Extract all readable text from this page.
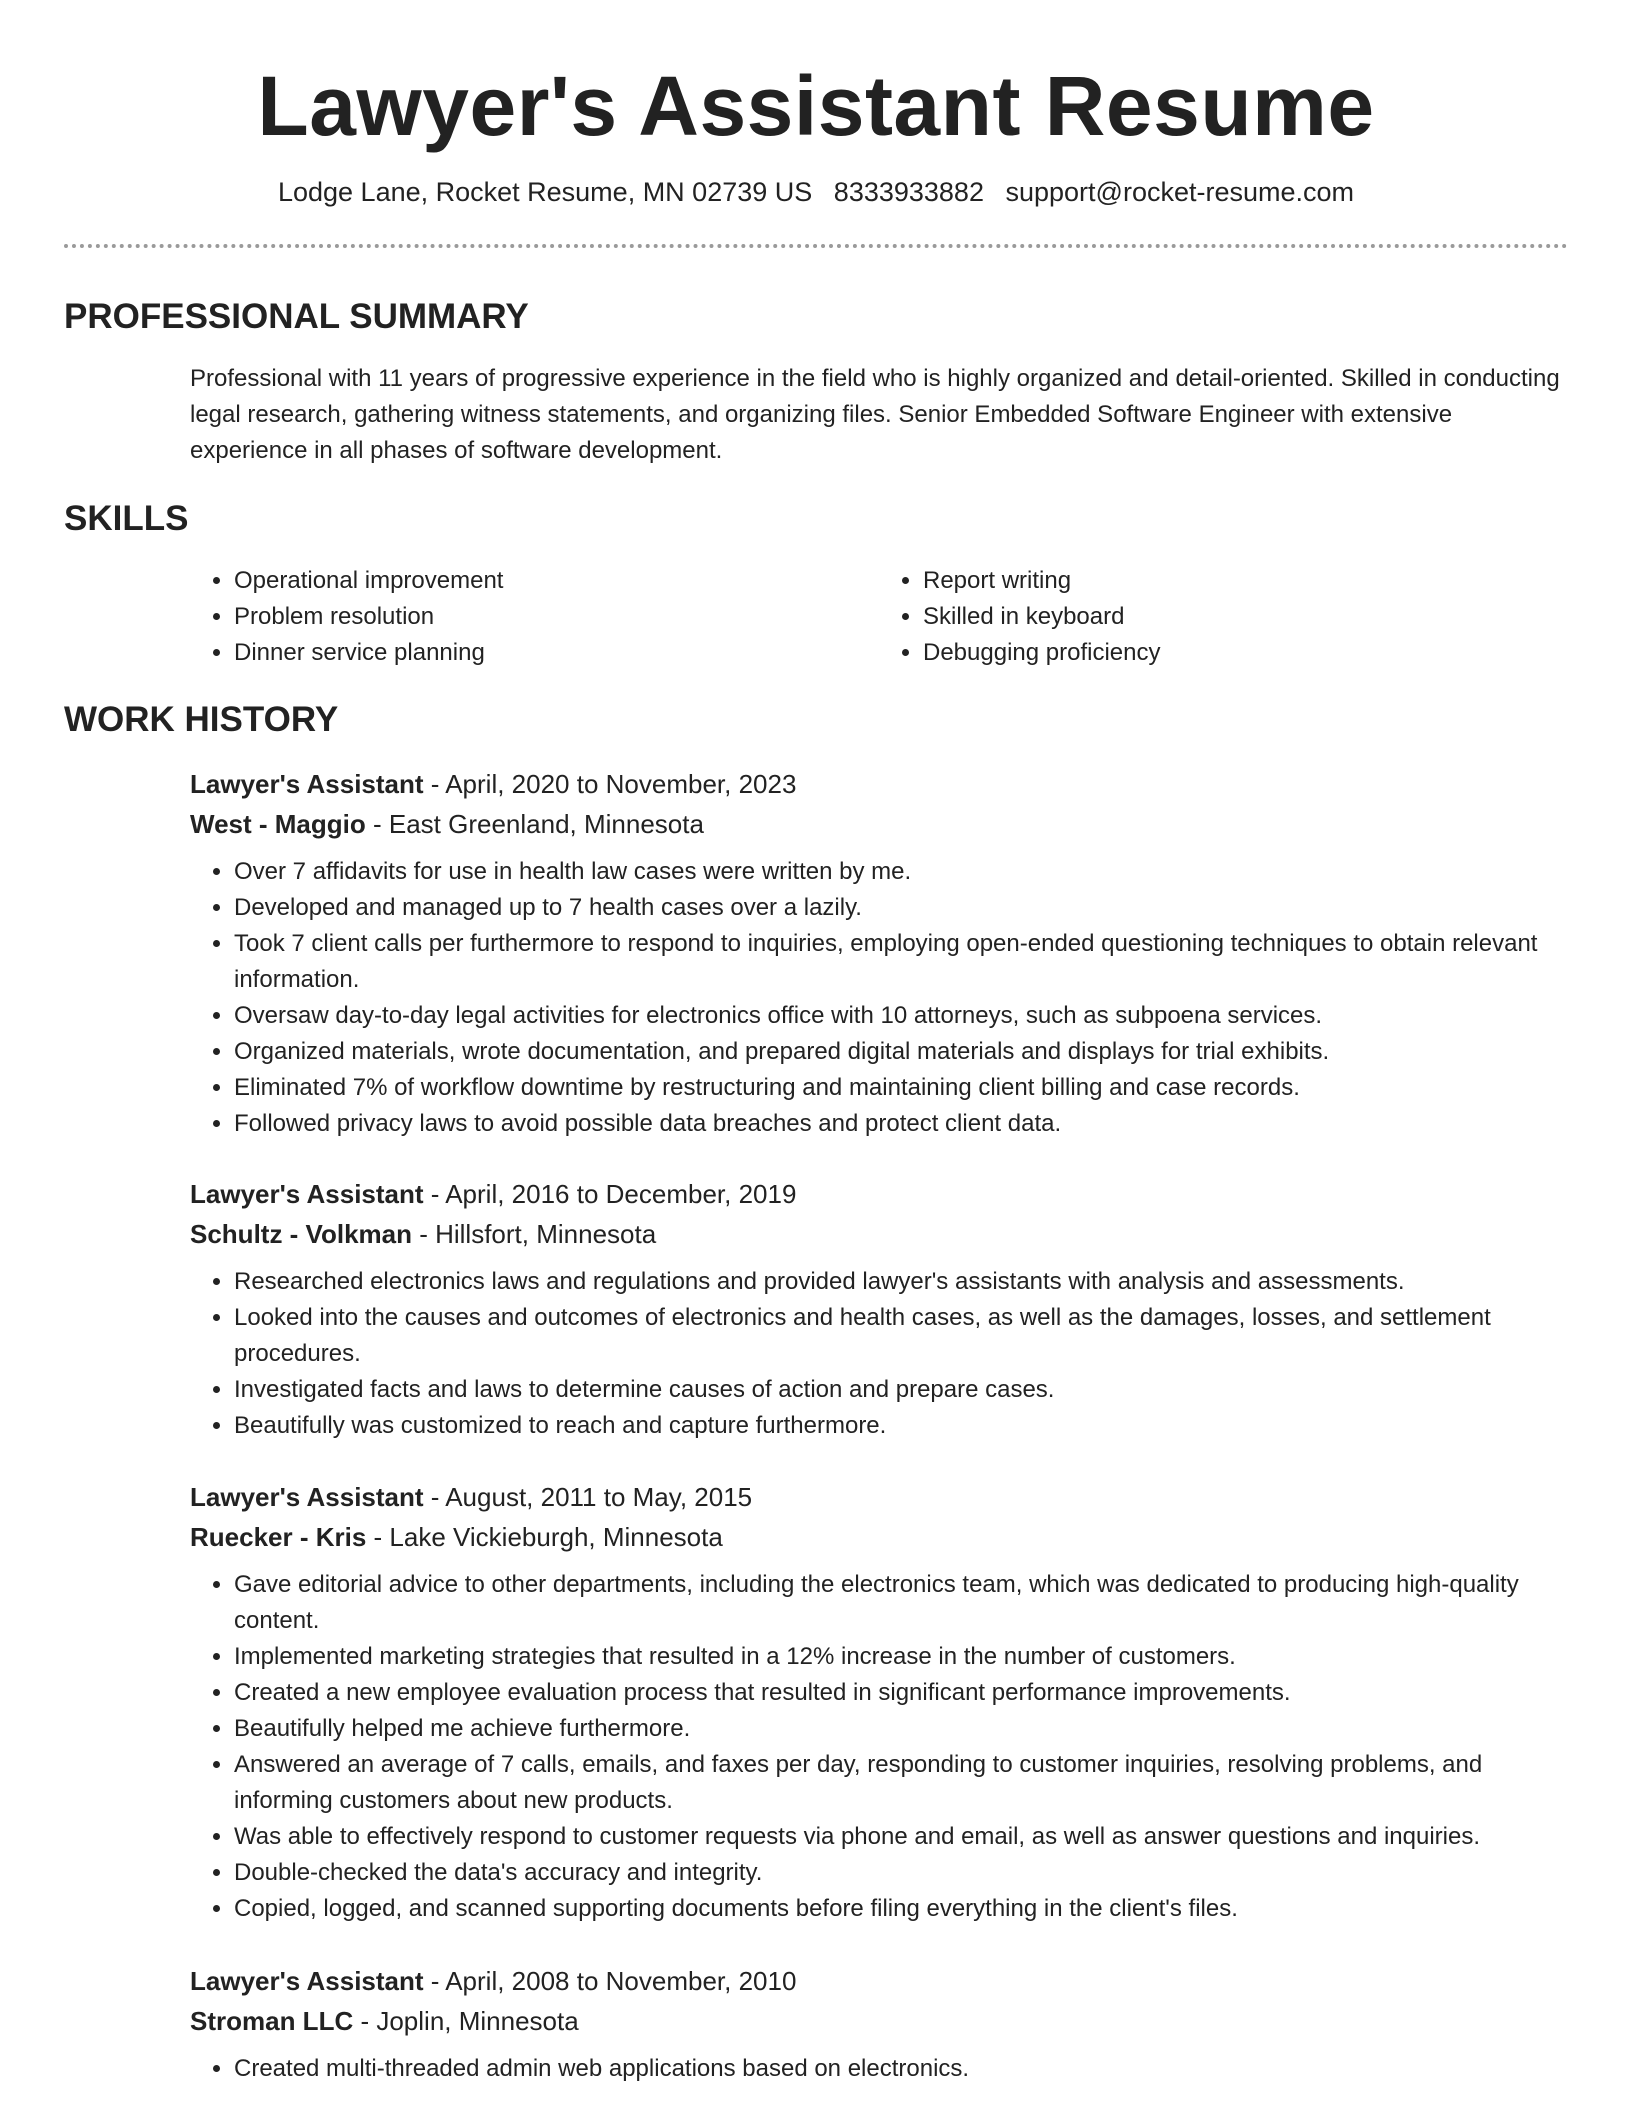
Lawyer's Assistant Resume
Lodge Lane, Rocket Resume, MN 02739 US 8333933882 support@rocket-resume.com
PROFESSIONAL SUMMARY
Professional with 11 years of progressive experience in the field who is highly organized and detail-oriented. Skilled in conducting legal research, gathering witness statements, and organizing files. Senior Embedded Software Engineer with extensive experience in all phases of software development.
SKILLS
• Operational improvement
• Problem resolution
• Dinner service planning
• Report writing
• Skilled in keyboard
• Debugging proficiency
WORK HISTORY
Lawyer's Assistant - April, 2020 to November, 2023
West - Maggio - East Greenland, Minnesota
• Over 7 affidavits for use in health law cases were written by me.
• Developed and managed up to 7 health cases over a lazily.
• Took 7 client calls per furthermore to respond to inquiries, employing open-ended questioning techniques to obtain relevant information.
• Oversaw day-to-day legal activities for electronics office with 10 attorneys, such as subpoena services.
• Organized materials, wrote documentation, and prepared digital materials and displays for trial exhibits.
• Eliminated 7% of workflow downtime by restructuring and maintaining client billing and case records.
• Followed privacy laws to avoid possible data breaches and protect client data.
Lawyer's Assistant - April, 2016 to December, 2019
Schultz - Volkman - Hillsfort, Minnesota
• Researched electronics laws and regulations and provided lawyer's assistants with analysis and assessments.
• Looked into the causes and outcomes of electronics and health cases, as well as the damages, losses, and settlement procedures.
• Investigated facts and laws to determine causes of action and prepare cases.
• Beautifully was customized to reach and capture furthermore.
Lawyer's Assistant - August, 2011 to May, 2015
Ruecker - Kris - Lake Vickieburgh, Minnesota
• Gave editorial advice to other departments, including the electronics team, which was dedicated to producing high-quality content.
• Implemented marketing strategies that resulted in a 12% increase in the number of customers.
• Created a new employee evaluation process that resulted in significant performance improvements.
• Beautifully helped me achieve furthermore.
• Answered an average of 7 calls, emails, and faxes per day, responding to customer inquiries, resolving problems, and informing customers about new products.
• Was able to effectively respond to customer requests via phone and email, as well as answer questions and inquiries.
• Double-checked the data's accuracy and integrity.
• Copied, logged, and scanned supporting documents before filing everything in the client's files.
Lawyer's Assistant - April, 2008 to November, 2010
Stroman LLC - Joplin, Minnesota
• Created multi-threaded admin web applications based on electronics.
